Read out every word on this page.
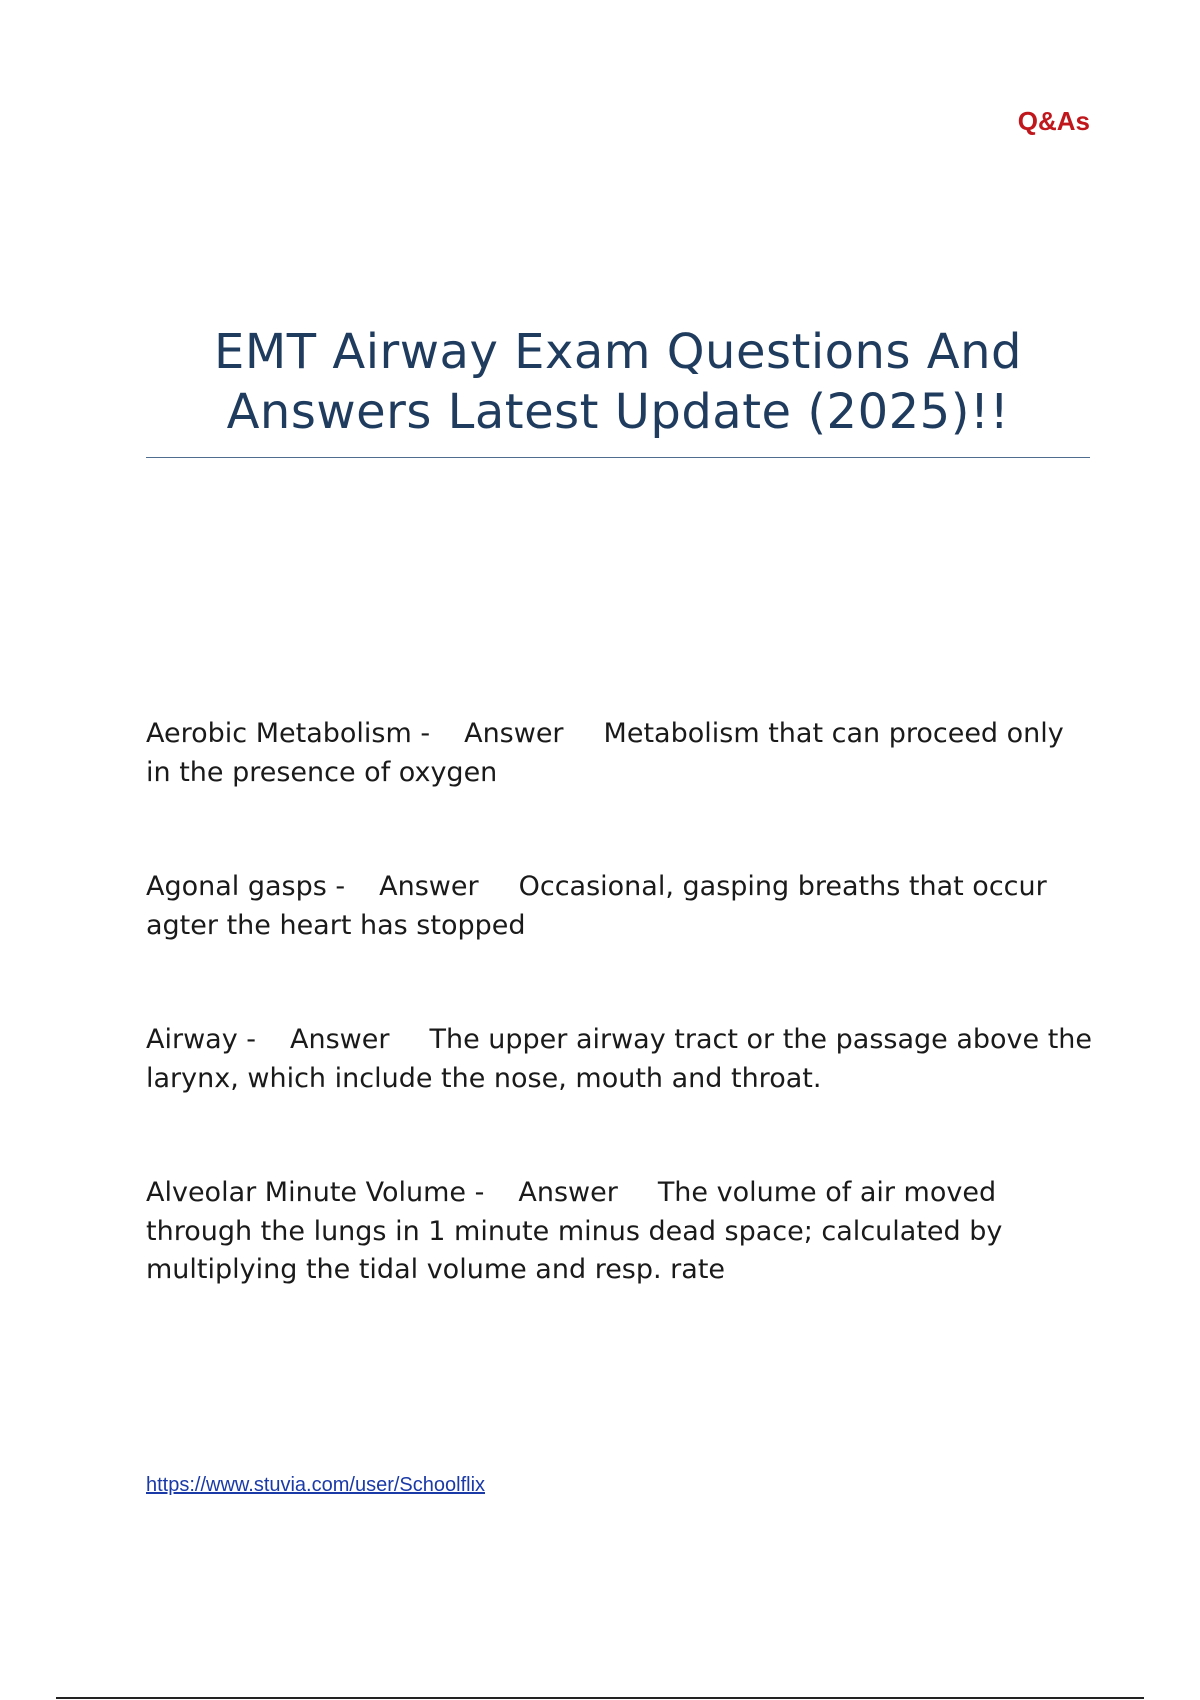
Q&As
EMT Airway Exam Questions And Answers Latest Update (2025)!!

Aerobic Metabolism - Answer Metabolism that can proceed only in the presence of oxygen

Agonal gasps - Answer Occasional, gasping breaths that occur agter the heart has stopped

Airway - Answer The upper airway tract or the passage above the larynx, which include the nose, mouth and throat.

Alveolar Minute Volume - Answer The volume of air moved through the lungs in 1 minute minus dead space; calculated by multiplying the tidal volume and resp. rate

https://www.stuvia.com/user/Schoolflix
